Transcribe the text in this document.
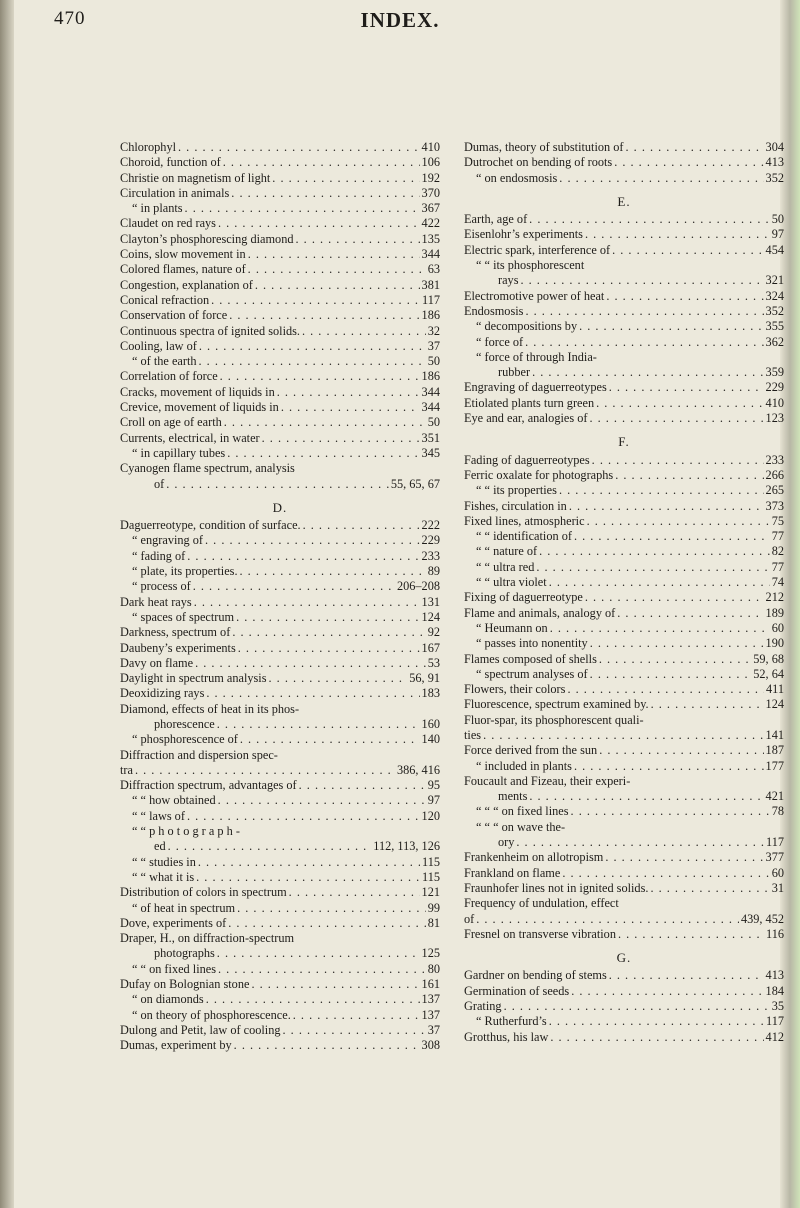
470	INDEX.
Chlorophyl . . .	410
Choroid, function of . . .	106
Christie on magnetism of light . . .	192
Circulation in animals . . .	370
“ in plants . . .	367
Claudet on red rays . . .	422
Clayton’s phosphorescing diamond . . .	135
Coins, slow movement in . . .	344
Colored flames, nature of . . .	63
Congestion, explanation of . . .	381
Conical refraction . . .	117
Conservation of force . . .	186
Continuous spectra of ignited solids. . . .	32
Cooling, law of . . .	37
“ of the earth . . .	50
Correlation of force . . .	186
Cracks, movement of liquids in . . .	344
Crevice, movement of liquids in . . .	344
Croll on age of earth . . .	50
Currents, electrical, in water . . .	351
“ in capillary tubes . . .	345
Cyanogen flame spectrum, analysis
of . . .	55, 65, 67
D.
Daguerreotype, condition of surface. . . .	222
“ engraving of . . .	229
“ fading of . . .	233
“ plate, its properties. . . .	89
“ process of . . .	206–208
Dark heat rays . . .	131
“ spaces of spectrum . . .	124
Darkness, spectrum of . . .	92
Daubeny’s experiments . . .	167
Davy on flame . . .	53
Daylight in spectrum analysis . . .	56, 91
Deoxidizing rays . . .	183
Diamond, effects of heat in its phos-
phorescence . . .	160
“ phosphorescence of . . .	140
Diffraction and dispersion spec-
tra . . .	386, 416
Diffraction spectrum, advantages of . . .	95
“ “ how obtained . . .	97
“ “ laws of . . .	120
“ “ p h o t o g r a p h -
ed . . .	112, 113, 126
“ “ studies in . . .	115
“ “ what it is . . .	115
Distribution of colors in spectrum . . .	121
“ of heat in spectrum . . .	99
Dove, experiments of . . .	81
Draper, H., on diffraction-spectrum
photographs . . .	125
“ “ on fixed lines . . .	80
Dufay on Bolognian stone . . .	161
“ on diamonds . . .	137
“ on theory of phosphorescence. . . .	137
Dulong and Petit, law of cooling . . .	37
Dumas, experiment by . . .	308
Dumas, theory of substitution of . . .	304
Dutrochet on bending of roots . . .	413
“ on endosmosis . . .	352
E.
Earth, age of . . .	50
Eisenlohr’s experiments . . .	97
Electric spark, interference of . . .	454
“ “ its phosphorescent
rays . . .	321
Electromotive power of heat . . .	324
Endosmosis . . .	352
“ decompositions by . . .	355
“ force of . . .	362
“ force of through India-
rubber . . .	359
Engraving of daguerreotypes . . .	229
Etiolated plants turn green . . .	410
Eye and ear, analogies of . . .	123
F.
Fading of daguerreotypes . . .	233
Ferric oxalate for photographs . . .	266
“ “ its properties . . .	265
Fishes, circulation in . . .	373
Fixed lines, atmospheric . . .	75
“ “ identification of . . .	77
“ “ nature of . . .	82
“ “ ultra red . . .	77
“ “ ultra violet . . .	74
Fixing of daguerreotype . . .	212
Flame and animals, analogy of . . .	189
“ Heumann on . . .	60
“ passes into nonentity . . .	190
Flames composed of shells . . .	59, 68
“ spectrum analyses of . . .	52, 64
Flowers, their colors . . .	411
Fluorescence, spectrum examined by. . . .	124
Fluor-spar, its phosphorescent quali-
ties . . .	141
Force derived from the sun . . .	187
“ included in plants . . .	177
Foucault and Fizeau, their experi-
ments . . .	421
“ “ “ on fixed lines . . .	78
“ “ “ on wave the-
ory . . .	117
Frankenheim on allotropism . . .	377
Frankland on flame . . .	60
Fraunhofer lines not in ignited solids. . . .	31
Frequency of undulation, effect
of . . .	439, 452
Fresnel on transverse vibration . . .	116
G.
Gardner on bending of stems . . .	413
Germination of seeds . . .	184
Grating . . .	35
“ Rutherfurd’s . . .	117
Grotthus, his law . . .	412
